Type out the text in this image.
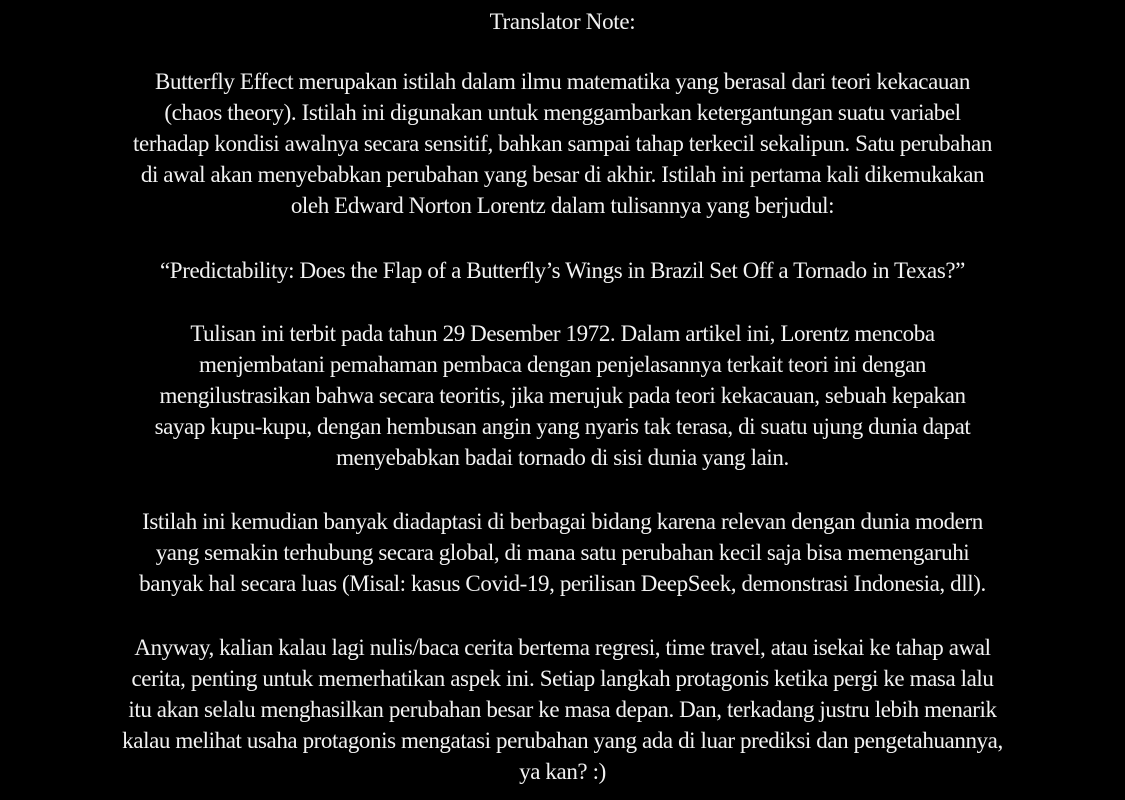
Translator Note:

Butterfly Effect merupakan istilah dalam ilmu matematika yang berasal dari teori kekacauan
(chaos theory). Istilah ini digunakan untuk menggambarkan ketergantungan suatu variabel
terhadap kondisi awalnya secara sensitif, bahkan sampai tahap terkecil sekalipun. Satu perubahan
di awal akan menyebabkan perubahan yang besar di akhir. Istilah ini pertama kali dikemukakan
oleh Edward Norton Lorentz dalam tulisannya yang berjudul:

“Predictability: Does the Flap of a Butterfly’s Wings in Brazil Set Off a Tornado in Texas?”

Tulisan ini terbit pada tahun 29 Desember 1972. Dalam artikel ini, Lorentz mencoba
menjembatani pemahaman pembaca dengan penjelasannya terkait teori ini dengan
mengilustrasikan bahwa secara teoritis, jika merujuk pada teori kekacauan, sebuah kepakan
sayap kupu-kupu, dengan hembusan angin yang nyaris tak terasa, di suatu ujung dunia dapat
menyebabkan badai tornado di sisi dunia yang lain.

Istilah ini kemudian banyak diadaptasi di berbagai bidang karena relevan dengan dunia modern
yang semakin terhubung secara global, di mana satu perubahan kecil saja bisa memengaruhi
banyak hal secara luas (Misal: kasus Covid-19, perilisan DeepSeek, demonstrasi Indonesia, dll).

Anyway, kalian kalau lagi nulis/baca cerita bertema regresi, time travel, atau isekai ke tahap awal
cerita, penting untuk memerhatikan aspek ini. Setiap langkah protagonis ketika pergi ke masa lalu
itu akan selalu menghasilkan perubahan besar ke masa depan. Dan, terkadang justru lebih menarik
kalau melihat usaha protagonis mengatasi perubahan yang ada di luar prediksi dan pengetahuannya,
ya kan? :)
